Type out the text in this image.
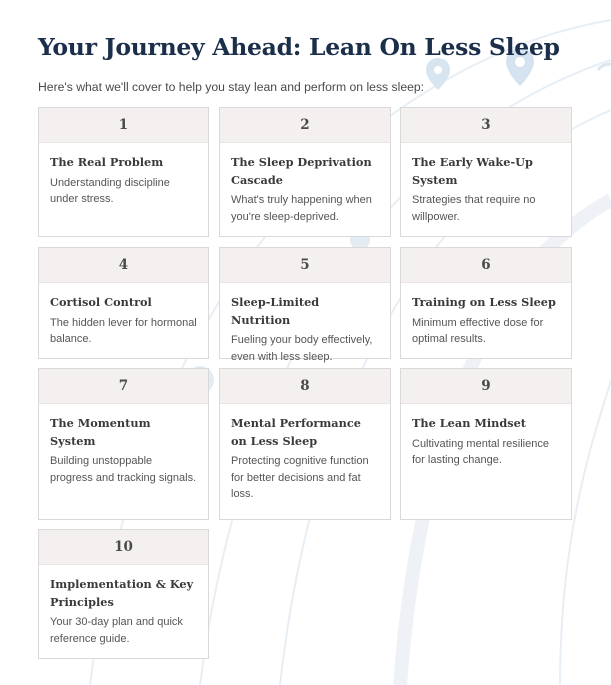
Your Journey Ahead: Lean On Less Sleep
Here's what we'll cover to help you stay lean and perform on less sleep:
1
The Real Problem
Understanding discipline under stress.
2
The Sleep Deprivation Cascade
What's truly happening when you're sleep-deprived.
3
The Early Wake-Up System
Strategies that require no willpower.
4
Cortisol Control
The hidden lever for hormonal balance.
5
Sleep-Limited Nutrition
Fueling your body effectively, even with less sleep.
6
Training on Less Sleep
Minimum effective dose for optimal results.
7
The Momentum System
Building unstoppable progress and tracking signals.
8
Mental Performance on Less Sleep
Protecting cognitive function for better decisions and fat loss.
9
The Lean Mindset
Cultivating mental resilience for lasting change.
10
Implementation & Key Principles
Your 30-day plan and quick reference guide.
